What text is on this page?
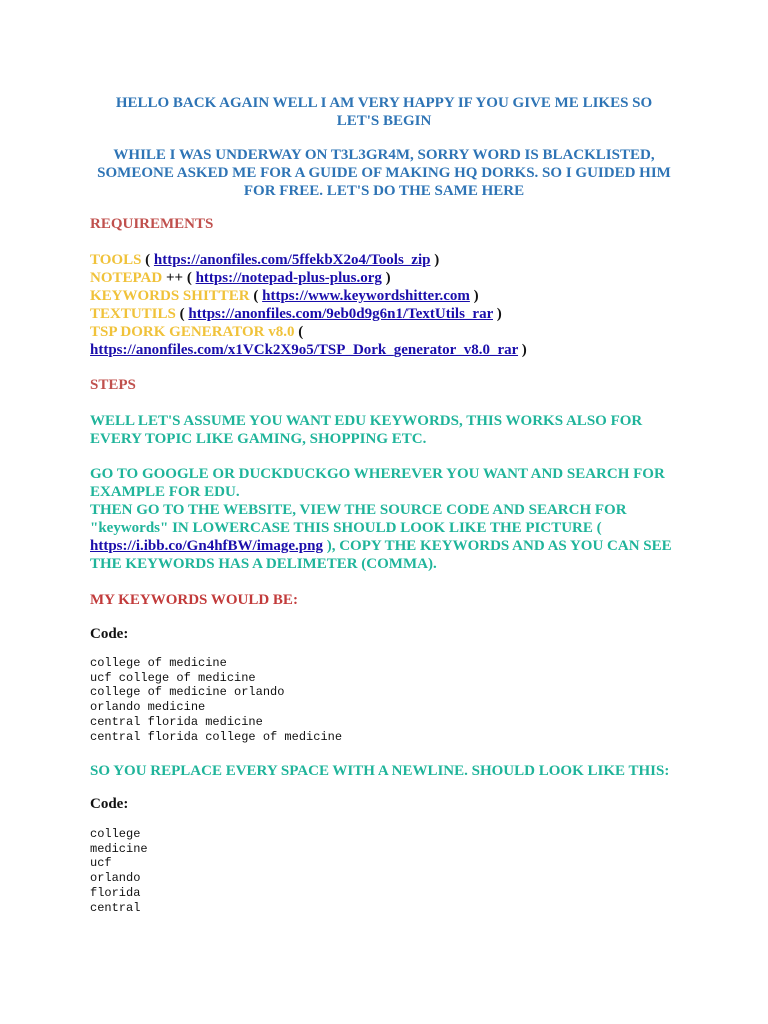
HELLO BACK AGAIN WELL I AM VERY HAPPY IF YOU GIVE ME LIKES SO
LET'S BEGIN

WHILE I WAS UNDERWAY ON T3L3GR4M, SORRY WORD IS BLACKLISTED,
SOMEONE ASKED ME FOR A GUIDE OF MAKING HQ DORKS. SO I GUIDED HIM
FOR FREE. LET'S DO THE SAME HERE

REQUIREMENTS

TOOLS ( https://anonfiles.com/5ffekbX2o4/Tools_zip )
NOTEPAD ++ ( https://notepad-plus-plus.org )
KEYWORDS SHITTER ( https://www.keywordshitter.com )
TEXTUTILS ( https://anonfiles.com/9eb0d9g6n1/TextUtils_rar )
TSP DORK GENERATOR v8.0 (
https://anonfiles.com/x1VCk2X9o5/TSP_Dork_generator_v8.0_rar )

STEPS

WELL LET'S ASSUME YOU WANT EDU KEYWORDS, THIS WORKS ALSO FOR
EVERY TOPIC LIKE GAMING, SHOPPING ETC.

GO TO GOOGLE OR DUCKDUCKGO WHEREVER YOU WANT AND SEARCH FOR
EXAMPLE FOR EDU.
THEN GO TO THE WEBSITE, VIEW THE SOURCE CODE AND SEARCH FOR
"keywords" IN LOWERCASE THIS SHOULD LOOK LIKE THE PICTURE (
https://i.ibb.co/Gn4hfBW/image.png ), COPY THE KEYWORDS AND AS YOU CAN SEE
THE KEYWORDS HAS A DELIMETER (COMMA).

MY KEYWORDS WOULD BE:

Code:

college of medicine
ucf college of medicine
college of medicine orlando
orlando medicine
central florida medicine
central florida college of medicine

SO YOU REPLACE EVERY SPACE WITH A NEWLINE. SHOULD LOOK LIKE THIS:

Code:

college
medicine
ucf
orlando
florida
central
